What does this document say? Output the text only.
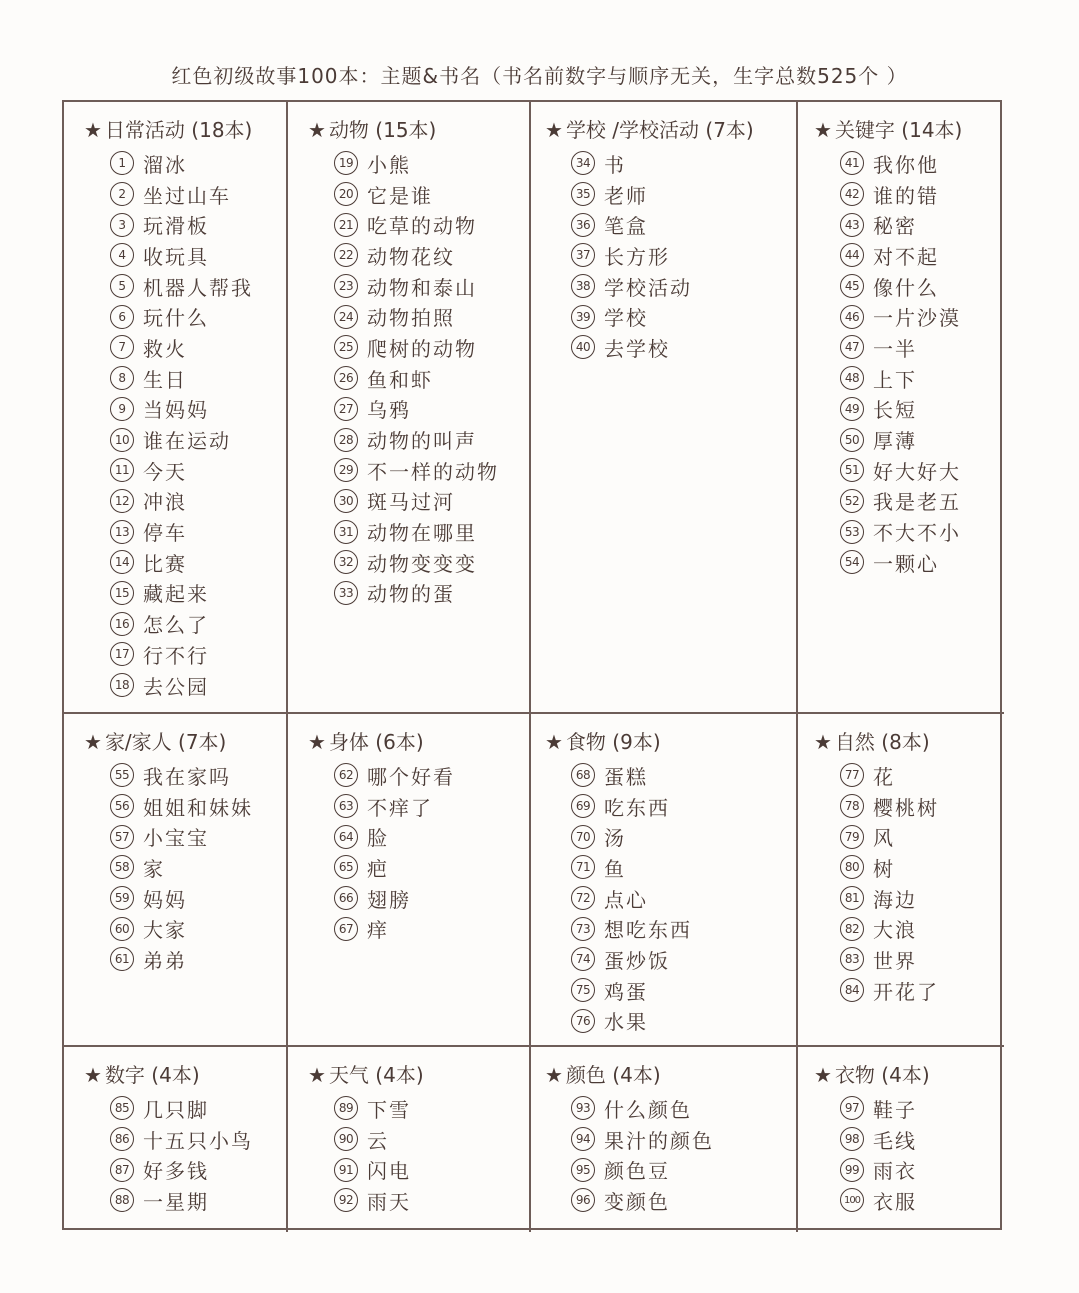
红色初级故事100本：主题&书名（书名前数字与顺序无关，生字总数525个 ）
★ 日常活动 (18本)
1 溜冰
2 坐过山车
3 玩滑板
4 收玩具
5 机器人帮我
6 玩什么
7 救火
8 生日
9 当妈妈
10 谁在运动
11 今天
12 冲浪
13 停车
14 比赛
15 藏起来
16 怎么了
17 行不行
18 去公园
★ 动物 (15本)
19 小熊
20 它是谁
21 吃草的动物
22 动物花纹
23 动物和泰山
24 动物拍照
25 爬树的动物
26 鱼和虾
27 乌鸦
28 动物的叫声
29 不一样的动物
30 斑马过河
31 动物在哪里
32 动物变变变
33 动物的蛋
★ 学校 /学校活动 (7本)
34 书
35 老师
36 笔盒
37 长方形
38 学校活动
39 学校
40 去学校
★ 关键字 (14本)
41 我你他
42 谁的错
43 秘密
44 对不起
45 像什么
46 一片沙漠
47 一半
48 上下
49 长短
50 厚薄
51 好大好大
52 我是老五
53 不大不小
54 一颗心
★ 家/家人 (7本)
55 我在家吗
56 姐姐和妹妹
57 小宝宝
58 家
59 妈妈
60 大家
61 弟弟
★ 身体 (6本)
62 哪个好看
63 不痒了
64 脸
65 疤
66 翅膀
67 痒
★ 食物 (9本)
68 蛋糕
69 吃东西
70 汤
71 鱼
72 点心
73 想吃东西
74 蛋炒饭
75 鸡蛋
76 水果
★ 自然 (8本)
77 花
78 樱桃树
79 风
80 树
81 海边
82 大浪
83 世界
84 开花了
★ 数字 (4本)
85 几只脚
86 十五只小鸟
87 好多钱
88 一星期
★ 天气 (4本)
89 下雪
90 云
91 闪电
92 雨天
★ 颜色 (4本)
93 什么颜色
94 果汁的颜色
95 颜色豆
96 变颜色
★ 衣物 (4本)
97 鞋子
98 毛线
99 雨衣
100 衣服
